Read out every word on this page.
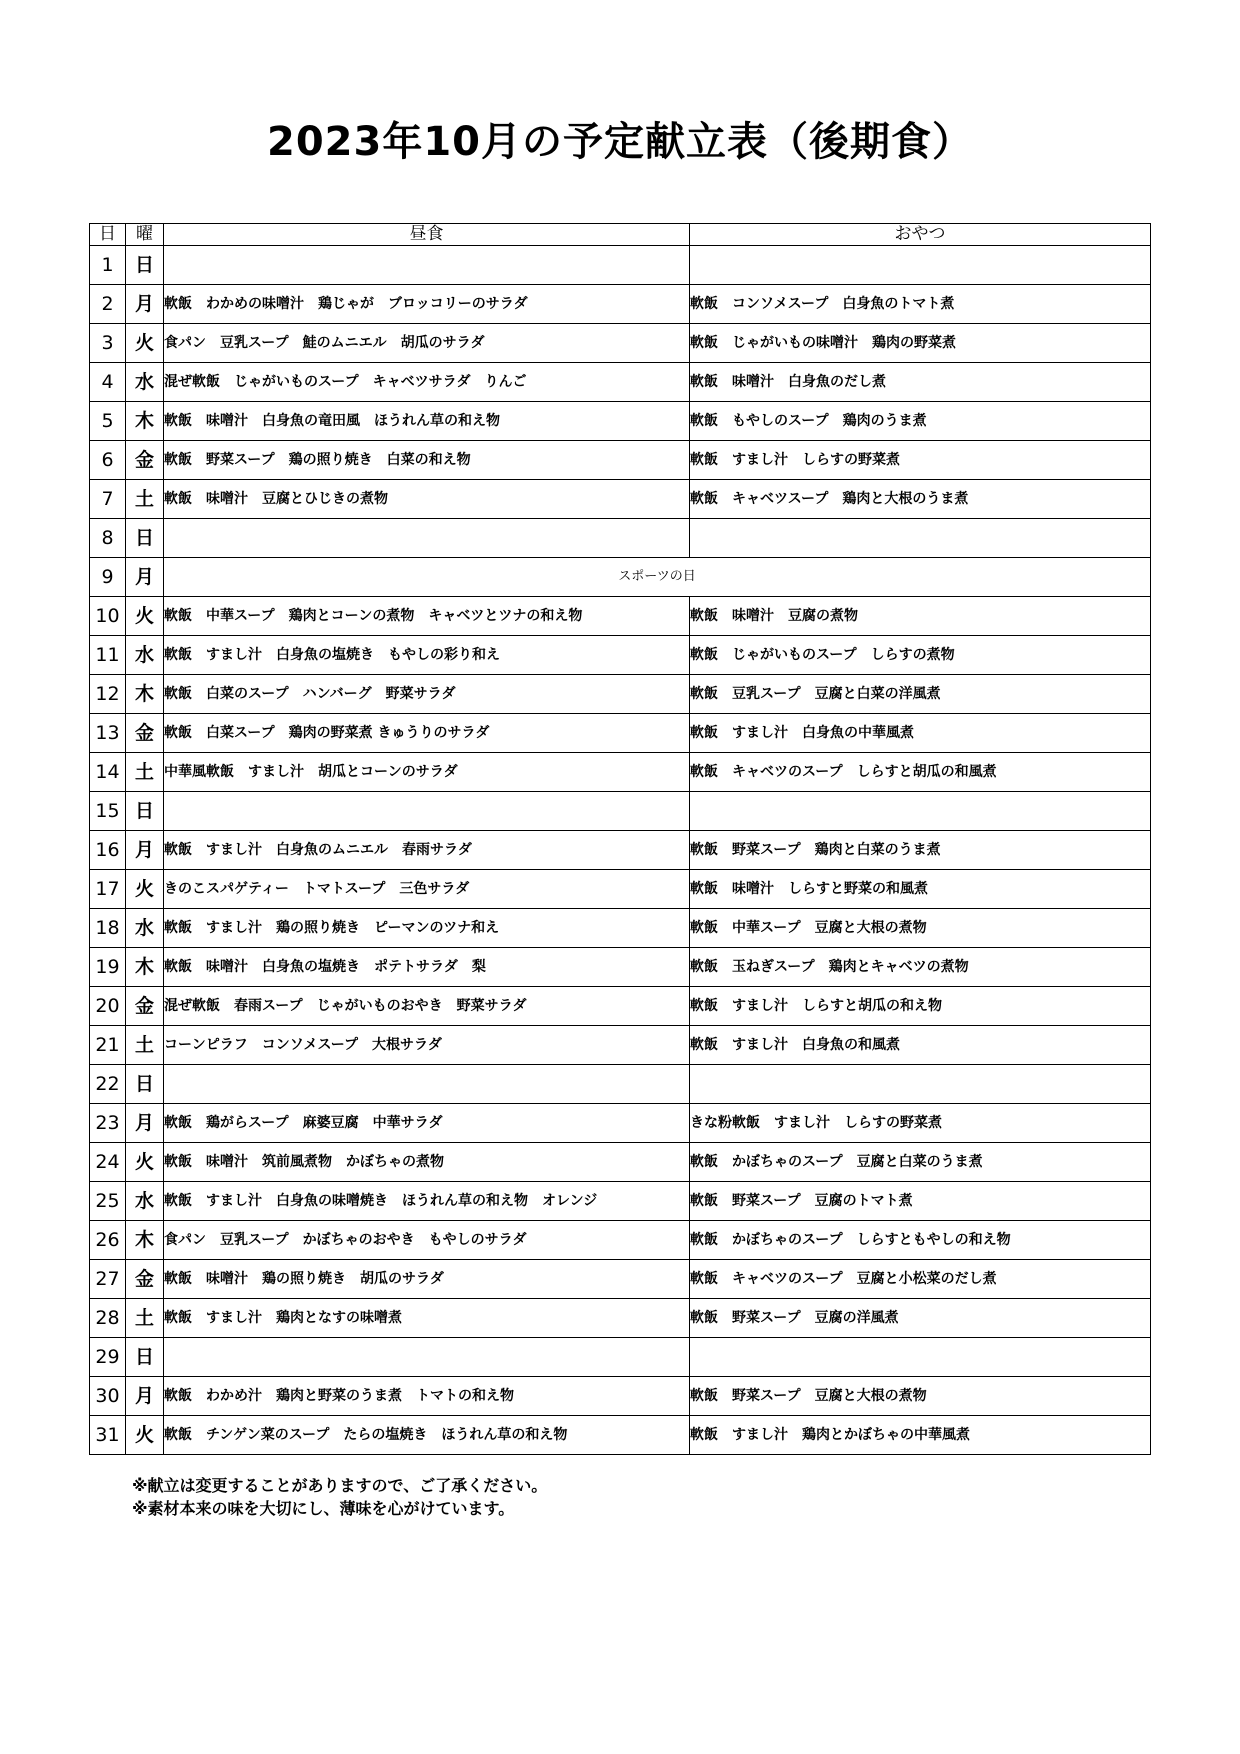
2023年10月の予定献立表（後期食）
日	曜	昼食	おやつ
1	日		
2	月	軟飯　わかめの味噌汁　鶏じゃが　ブロッコリーのサラダ	軟飯　コンソメスープ　白身魚のトマト煮
3	火	食パン　豆乳スープ　鮭のムニエル　胡瓜のサラダ	軟飯　じゃがいもの味噌汁　鶏肉の野菜煮
4	水	混ぜ軟飯　じゃがいものスープ　キャベツサラダ　りんご	軟飯　味噌汁　白身魚のだし煮
5	木	軟飯　味噌汁　白身魚の竜田風　ほうれん草の和え物	軟飯　もやしのスープ　鶏肉のうま煮
6	金	軟飯　野菜スープ　鶏の照り焼き　白菜の和え物	軟飯　すまし汁　しらすの野菜煮
7	土	軟飯　味噌汁　豆腐とひじきの煮物	軟飯　キャベツスープ　鶏肉と大根のうま煮
8	日		
9	月	スポーツの日	
10	火	軟飯　中華スープ　鶏肉とコーンの煮物　キャベツとツナの和え物	軟飯　味噌汁　豆腐の煮物
11	水	軟飯　すまし汁　白身魚の塩焼き　もやしの彩り和え	軟飯　じゃがいものスープ　しらすの煮物
12	木	軟飯　白菜のスープ　ハンバーグ　野菜サラダ	軟飯　豆乳スープ　豆腐と白菜の洋風煮
13	金	軟飯　白菜スープ　鶏肉の野菜煮 きゅうりのサラダ	軟飯　すまし汁　白身魚の中華風煮
14	土	中華風軟飯　すまし汁　胡瓜とコーンのサラダ	軟飯　キャベツのスープ　しらすと胡瓜の和風煮
15	日		
16	月	軟飯　すまし汁　白身魚のムニエル　春雨サラダ	軟飯　野菜スープ　鶏肉と白菜のうま煮
17	火	きのこスパゲティー　トマトスープ　三色サラダ	軟飯　味噌汁　しらすと野菜の和風煮
18	水	軟飯　すまし汁　鶏の照り焼き　ピーマンのツナ和え	軟飯　中華スープ　豆腐と大根の煮物
19	木	軟飯　味噌汁　白身魚の塩焼き　ポテトサラダ　梨	軟飯　玉ねぎスープ　鶏肉とキャベツの煮物
20	金	混ぜ軟飯　春雨スープ　じゃがいものおやき　野菜サラダ	軟飯　すまし汁　しらすと胡瓜の和え物
21	土	コーンピラフ　コンソメスープ　大根サラダ	軟飯　すまし汁　白身魚の和風煮
22	日		
23	月	軟飯　鶏がらスープ　麻婆豆腐　中華サラダ	きな粉軟飯　すまし汁　しらすの野菜煮
24	火	軟飯　味噌汁　筑前風煮物　かぼちゃの煮物	軟飯　かぼちゃのスープ　豆腐と白菜のうま煮
25	水	軟飯　すまし汁　白身魚の味噌焼き　ほうれん草の和え物　オレンジ	軟飯　野菜スープ　豆腐のトマト煮
26	木	食パン　豆乳スープ　かぼちゃのおやき　もやしのサラダ	軟飯　かぼちゃのスープ　しらすともやしの和え物
27	金	軟飯　味噌汁　鶏の照り焼き　胡瓜のサラダ	軟飯　キャベツのスープ　豆腐と小松菜のだし煮
28	土	軟飯　すまし汁　鶏肉となすの味噌煮	軟飯　野菜スープ　豆腐の洋風煮
29	日		
30	月	軟飯　わかめ汁　鶏肉と野菜のうま煮　トマトの和え物	軟飯　野菜スープ　豆腐と大根の煮物
31	火	軟飯　チンゲン菜のスープ　たらの塩焼き　ほうれん草の和え物	軟飯　すまし汁　鶏肉とかぼちゃの中華風煮
※献立は変更することがありますので、ご了承ください。
※素材本来の味を大切にし、薄味を心がけています。
